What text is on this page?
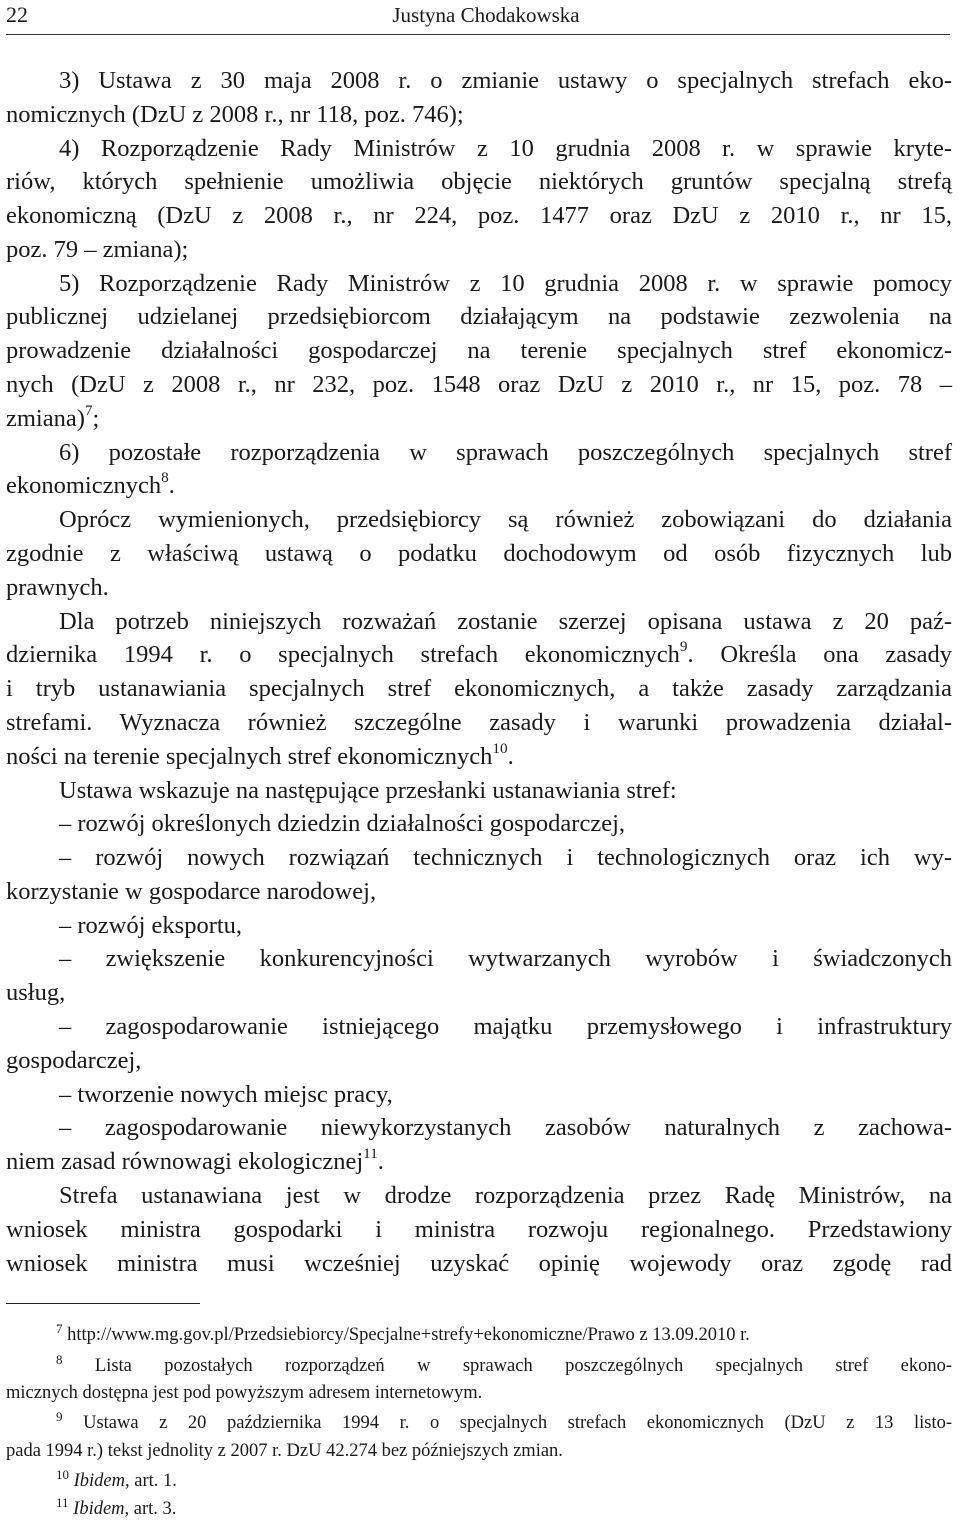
22	Justyna Chodakowska
3) Ustawa z 30 maja 2008 r. o zmianie ustawy o specjalnych strefach eko-
nomicznych (DzU z 2008 r., nr 118, poz. 746);
4) Rozporządzenie Rady Ministrów z 10 grudnia 2008 r. w sprawie kryte-
riów, których spełnienie umożliwia objęcie niektórych gruntów specjalną strefą
ekonomiczną (DzU z 2008 r., nr 224, poz. 1477 oraz DzU z 2010 r., nr 15,
poz. 79 – zmiana);
5) Rozporządzenie Rady Ministrów z 10 grudnia 2008 r. w sprawie pomocy
publicznej udzielanej przedsiębiorcom działającym na podstawie zezwolenia na
prowadzenie działalności gospodarczej na terenie specjalnych stref ekonomicz-
nych (DzU z 2008 r., nr 232, poz. 1548 oraz DzU z 2010 r., nr 15, poz. 78 –
zmiana)$^7$;
6) pozostałe rozporządzenia w sprawach poszczególnych specjalnych stref
ekonomicznych$^8$.
Oprócz wymienionych, przedsiębiorcy są również zobowiązani do działania
zgodnie z właściwą ustawą o podatku dochodowym od osób fizycznych lub
prawnych.
Dla potrzeb niniejszych rozważań zostanie szerzej opisana ustawa z 20 paź-
dziernika 1994 r. o specjalnych strefach ekonomicznych$^9$. Określa ona zasady
i tryb ustanawiania specjalnych stref ekonomicznych, a także zasady zarządzania
strefami. Wyznacza również szczególne zasady i warunki prowadzenia działal-
ności na terenie specjalnych stref ekonomicznych$^{10}$.
Ustawa wskazuje na następujące przesłanki ustanawiania stref:
– rozwój określonych dziedzin działalności gospodarczej,
– rozwój nowych rozwiązań technicznych i technologicznych oraz ich wy-
korzystanie w gospodarce narodowej,
– rozwój eksportu,
– zwiększenie konkurencyjności wytwarzanych wyrobów i świadczonych
usług,
– zagospodarowanie istniejącego majątku przemysłowego i infrastruktury
gospodarczej,
– tworzenie nowych miejsc pracy,
– zagospodarowanie niewykorzystanych zasobów naturalnych z zachowa-
niem zasad równowagi ekologicznej$^{11}$.
Strefa ustanawiana jest w drodze rozporządzenia przez Radę Ministrów, na
wniosek ministra gospodarki i ministra rozwoju regionalnego. Przedstawiony
wniosek ministra musi wcześniej uzyskać opinię wojewody oraz zgodę rad
$^7$ http://www.mg.gov.pl/Przedsiebiorcy/Specjalne+strefy+ekonomiczne/Prawo z 13.09.2010 r.
$^8$ Lista pozostałych rozporządzeń w sprawach poszczególnych specjalnych stref ekono-
micznych dostępna jest pod powyższym adresem internetowym.
$^9$ Ustawa z 20 października 1994 r. o specjalnych strefach ekonomicznych (DzU z 13 listo-
pada 1994 r.) tekst jednolity z 2007 r. DzU 42.274 bez późniejszych zmian.
$^{10}$ Ibidem, art. 1.
$^{11}$ Ibidem, art. 3.
